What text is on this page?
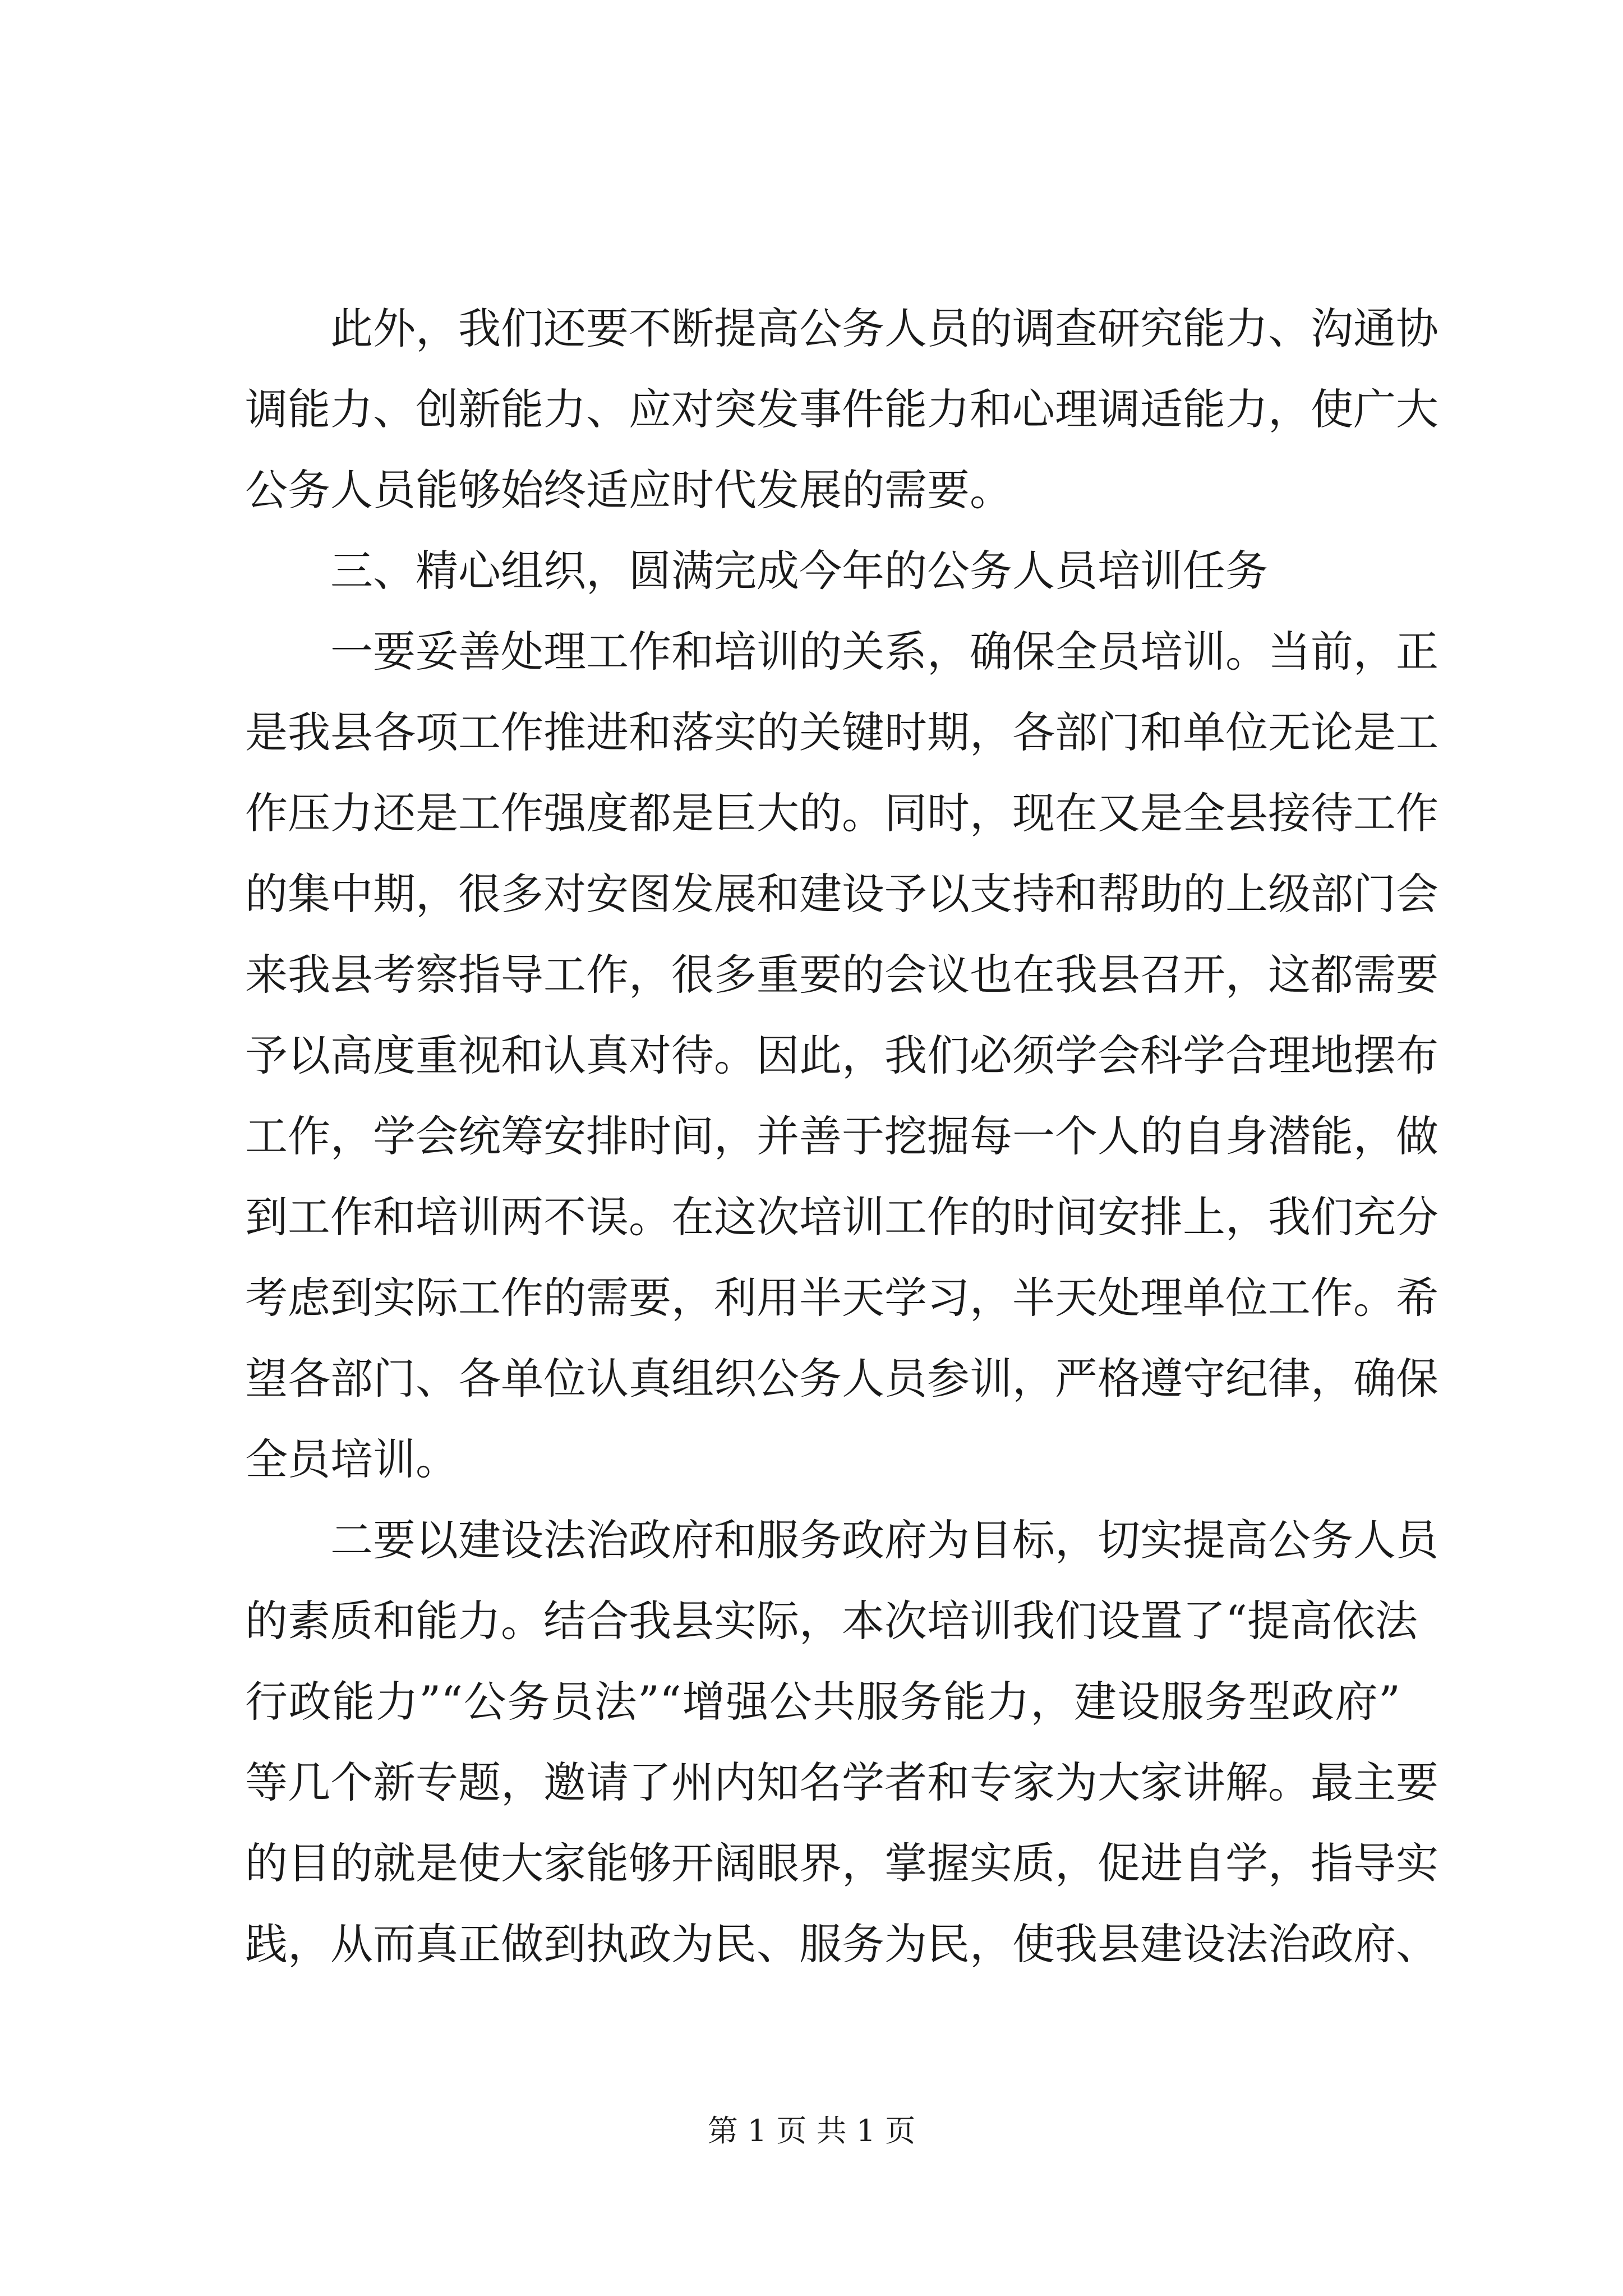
此外，我们还要不断提高公务人员的调查研究能力、沟通协
调能力、创新能力、应对突发事件能力和心理调适能力，使广大
公务人员能够始终适应时代发展的需要。
三、精心组织，圆满完成今年的公务人员培训任务
一要妥善处理工作和培训的关系，确保全员培训。当前，正
是我县各项工作推进和落实的关键时期，各部门和单位无论是工
作压力还是工作强度都是巨大的。同时，现在又是全县接待工作
的集中期，很多对安图发展和建设予以支持和帮助的上级部门会
来我县考察指导工作，很多重要的会议也在我县召开，这都需要
予以高度重视和认真对待。因此，我们必须学会科学合理地摆布
工作，学会统筹安排时间，并善于挖掘每一个人的自身潜能，做
到工作和培训两不误。在这次培训工作的时间安排上，我们充分
考虑到实际工作的需要，利用半天学习，半天处理单位工作。希
望各部门、各单位认真组织公务人员参训，严格遵守纪律，确保
全员培训。
二要以建设法治政府和服务政府为目标，切实提高公务人员
的素质和能力。结合我县实际，本次培训我们设置了“提高依法
行政能力”“公务员法”“增强公共服务能力，建设服务型政府”
等几个新专题，邀请了州内知名学者和专家为大家讲解。最主要
的目的就是使大家能够开阔眼界，掌握实质，促进自学，指导实
践，从而真正做到执政为民、服务为民，使我县建设法治政府、
第 1 页 共 1 页
